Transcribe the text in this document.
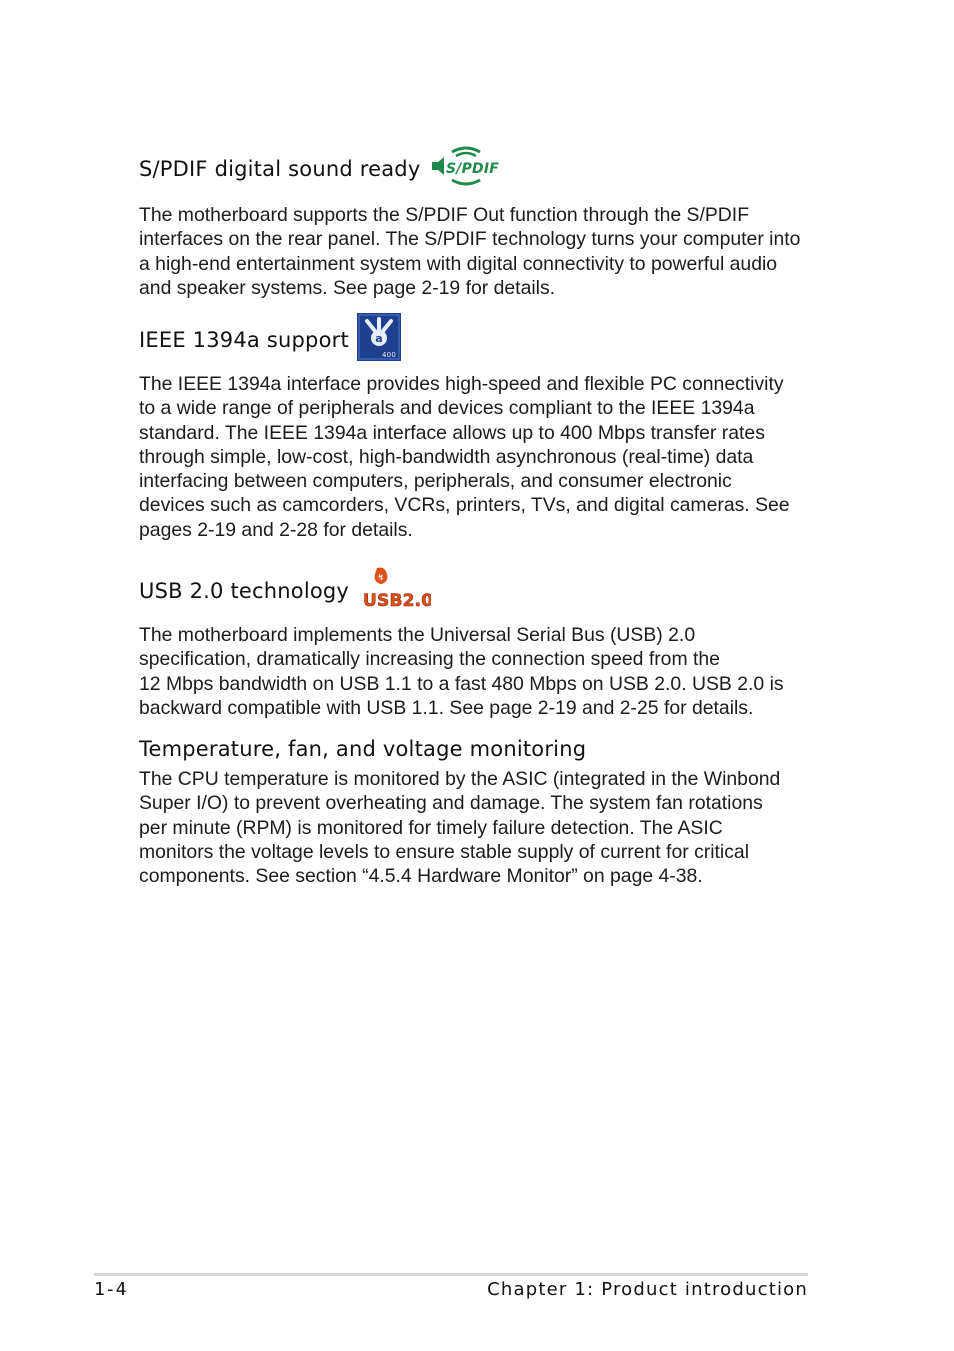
S/PDIF digital sound ready S/PDIF

The motherboard supports the S/PDIF Out function through the S/PDIF
interfaces on the rear panel. The S/PDIF technology turns your computer into
a high-end entertainment system with digital connectivity to powerful audio
and speaker systems. See page 2-19 for details.

IEEE 1394a support a
400

The IEEE 1394a interface provides high-speed and flexible PC connectivity
to a wide range of peripherals and devices compliant to the IEEE 1394a
standard. The IEEE 1394a interface allows up to 400 Mbps transfer rates
through simple, low-cost, high-bandwidth asynchronous (real-time) data
interfacing between computers, peripherals, and consumer electronic
devices such as camcorders, VCRs, printers, TVs, and digital cameras. See
pages 2-19 and 2-28 for details.

USB 2.0 technology
↯
USB2.0

The motherboard implements the Universal Serial Bus (USB) 2.0
specification, dramatically increasing the connection speed from the
12 Mbps bandwidth on USB 1.1 to a fast 480 Mbps on USB 2.0. USB 2.0 is
backward compatible with USB 1.1. See page 2-19 and 2-25 for details.

Temperature, fan, and voltage monitoring

The CPU temperature is monitored by the ASIC (integrated in the Winbond
Super I/O) to prevent overheating and damage. The system fan rotations
per minute (RPM) is monitored for timely failure detection. The ASIC
monitors the voltage levels to ensure stable supply of current for critical
components. See section “4.5.4 Hardware Monitor” on page 4-38.

1-4	Chapter 1: Product introduction
